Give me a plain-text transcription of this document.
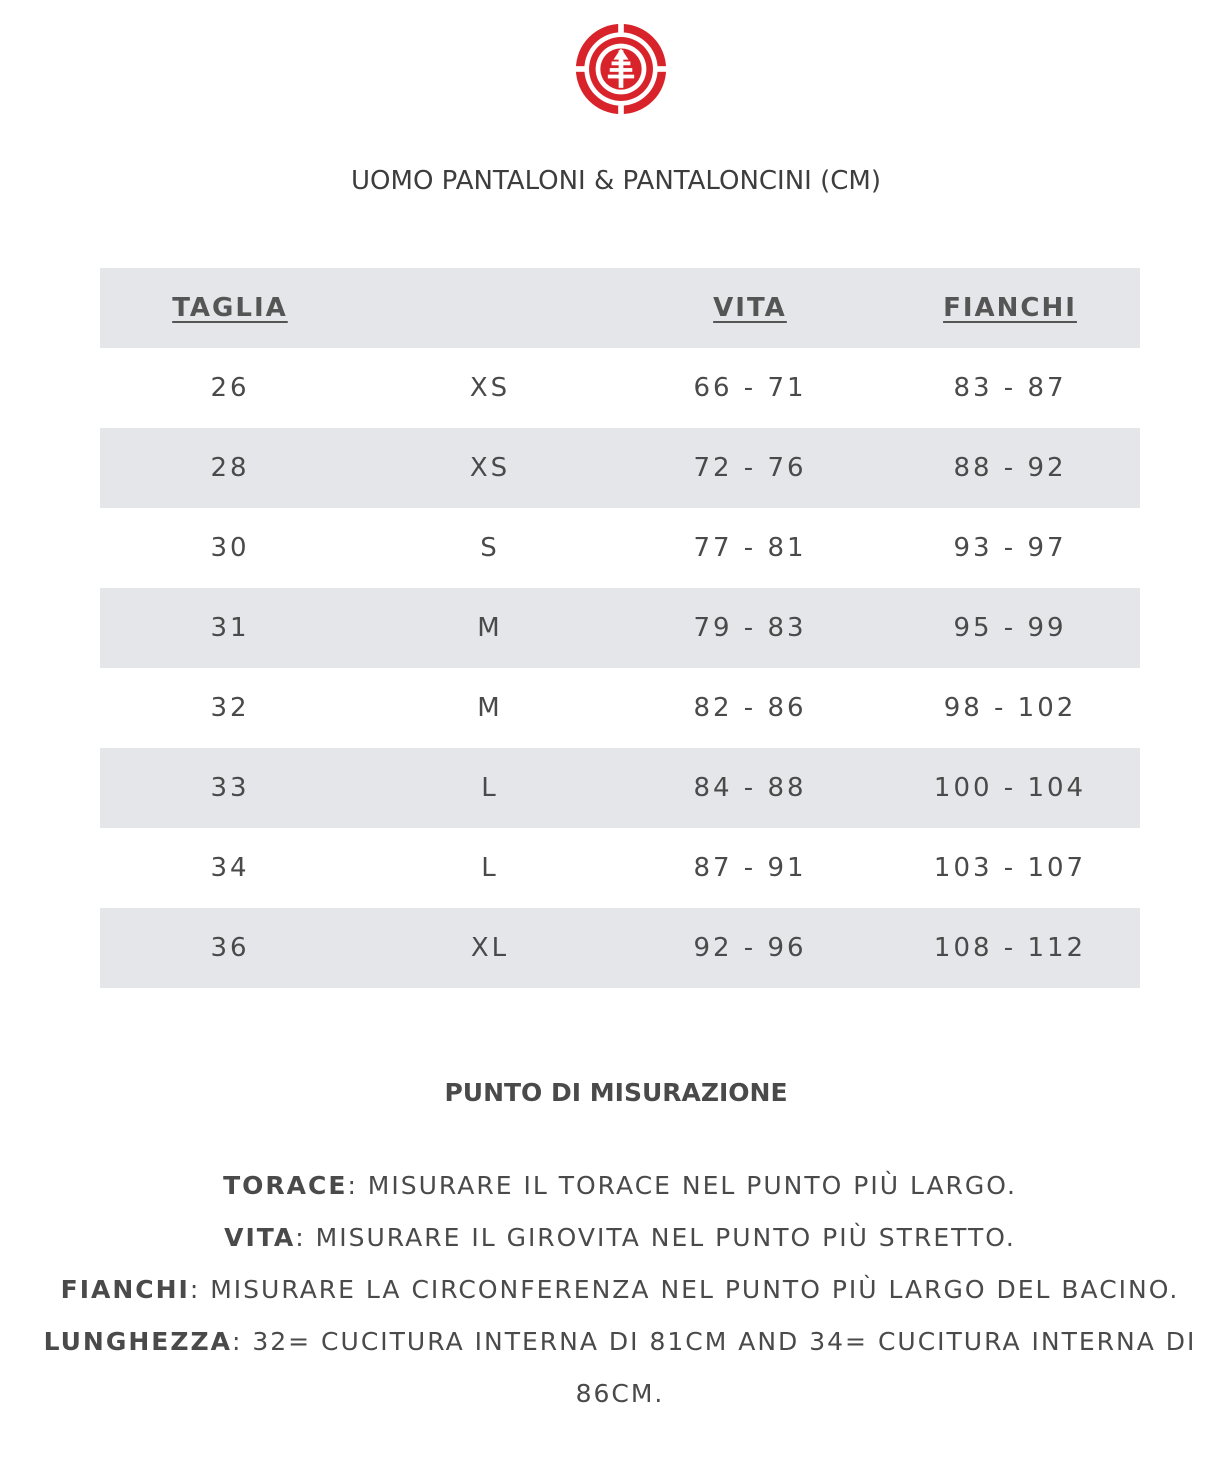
UOMO PANTALONI & PANTALONCINI (CM)
TAGLIA		VITA	FIANCHI
26	XS	66 - 71	83 - 87
28	XS	72 - 76	88 - 92
30	S	77 - 81	93 - 97
31	M	79 - 83	95 - 99
32	M	82 - 86	98 - 102
33	L	84 - 88	100 - 104
34	L	87 - 91	103 - 107
36	XL	92 - 96	108 - 112
PUNTO DI MISURAZIONE
TORACE: MISURARE IL TORACE NEL PUNTO PIÙ LARGO.
VITA: MISURARE IL GIROVITA NEL PUNTO PIÙ STRETTO.
FIANCHI: MISURARE LA CIRCONFERENZA NEL PUNTO PIÙ LARGO DEL BACINO.
LUNGHEZZA: 32= CUCITURA INTERNA DI 81CM AND 34= CUCITURA INTERNA DI 86CM.
